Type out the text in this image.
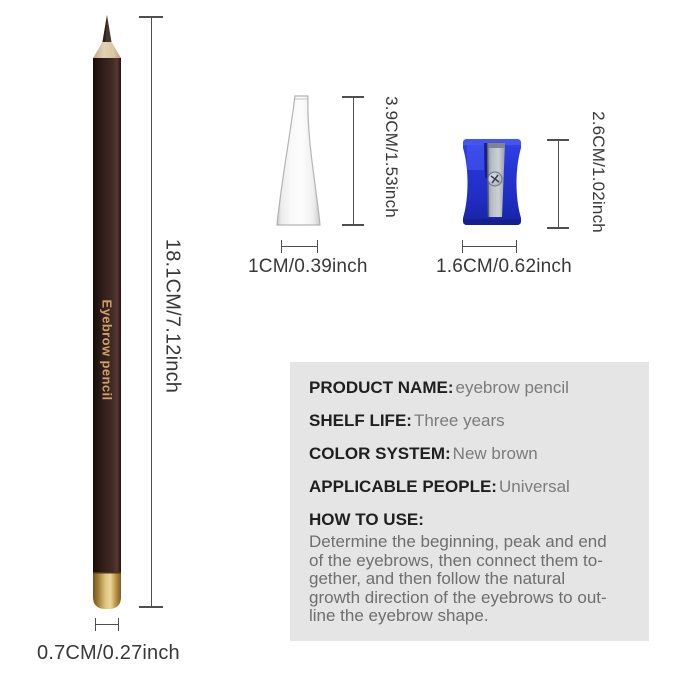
Eyebrow pencil 18.1CM/7.12inch
0.7CM/0.27inch
3.9CM/1.53inch
1CM/0.39inch
2.6CM/1.02inch
1.6CM/0.62inch
PRODUCT NAME: eyebrow pencil
SHELF LIFE: Three years
COLOR SYSTEM: New brown
APPLICABLE PEOPLE: Universal
HOW TO USE:
Determine the beginning, peak and end
of the eyebrows, then connect them to-
gether, and then follow the natural
growth direction of the eyebrows to out-
line the eyebrow shape.
